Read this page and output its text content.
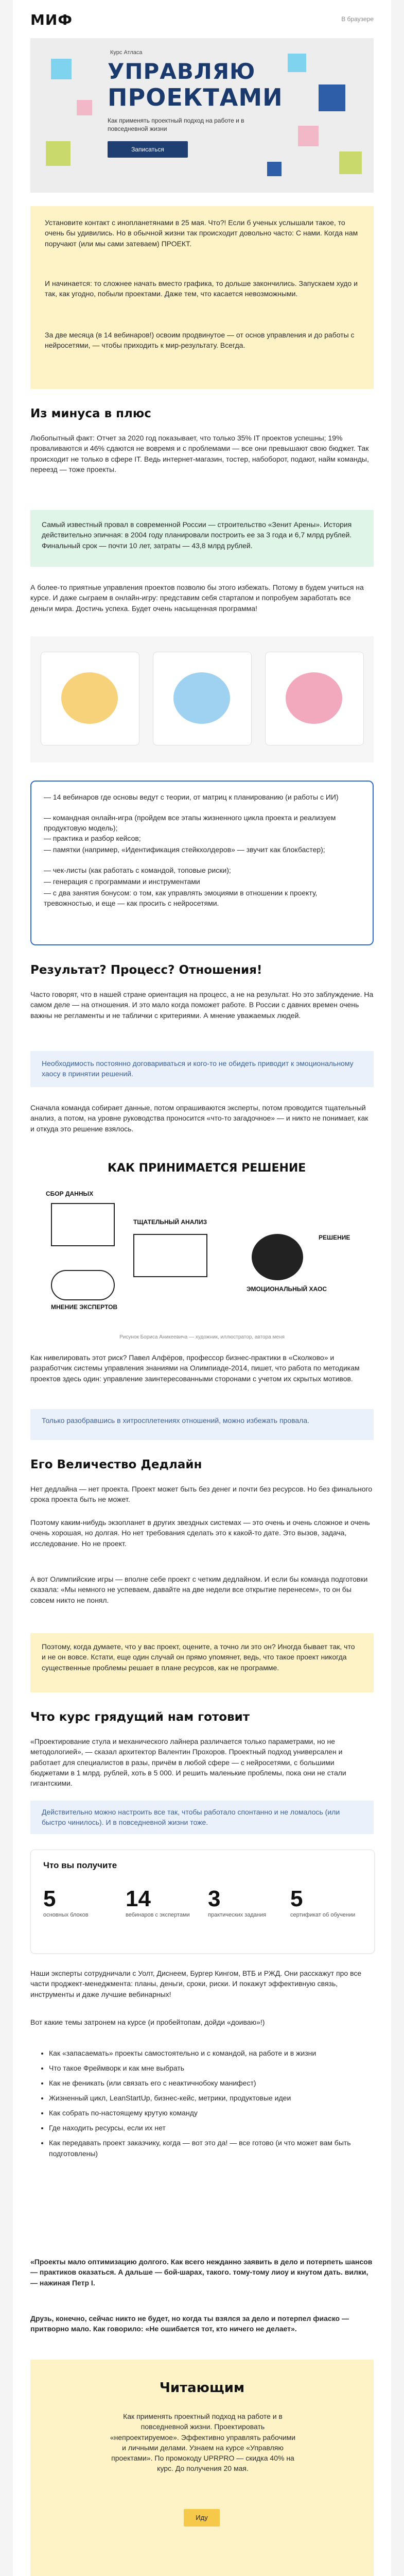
МИФ	В браузере
Курс Атласа
УПРАВЛЯЮ
ПРОЕКТАМИ
Как применять проектный подход на работе и в повседневной жизни
Записаться
Установите контакт с инопланетянами в 25 мая. Что?! Если б ученых услышали такое, то очень бы удивились. Но в обычной жизни так происходит довольно часто: С нами. Когда нам поручают (или мы сами затеваем) ПРОЕКТ.
И начинается: то сложнее начать вместо графика, то дольше закончились. Запускаем худо и так, как угодно, побыли проектами. Даже тем, что касается невозможными.
За две месяца (в 14 вебинаров!) освоим продвинутое — от основ управления и до работы с нейросетями, — чтобы приходить к мир-результату. Всегда.
Из минуса в плюс
Любопытный факт: Отчет за 2020 год показывает, что только 35% IT проектов успешны; 19% проваливаются и 46% сдаются не вовремя и с проблемами — все они превышают свою бюджет. Так происходит не только в сфере IT. Ведь интернет-магазин, тостер, набоборот, подают, найм команды, переезд — тоже проекты.
Самый известный провал в современной России — строительство «Зенит Арены». История действительно эпичная: в 2004 году планировали построить ее за 3 года и 6,7 млрд рублей. Финальный срок — почти 10 лет, затраты — 43,8 млрд рублей.
А более-то приятные управления проектов позволю бы этого избежать. Потому в будем учиться на курсе. И даже сыграем в онлайн-игру: представим себя стартапом и попробуем заработать все деньги мира. Достичь успеха. Будет очень насыщенная программа!
— 14 вебинаров где основы ведут с теории, от матриц к планированию (и работы с ИИ)
— командная онлайн-игра (пройдем все этапы жизненного цикла проекта и реализуем продуктовую модель);
— практика и разбор кейсов;
— памятки (например, «Идентификация стейкхолдеров» — звучит как блокбастер);
— чек-листы (как работать с командой, топовые риски);
— генерация с программами и инструментами
— с два занятия бонусом: о том, как управлять эмоциями в отношении к проекту, тревожностью, и еще — как просить с нейросетями.
Результат? Процесс? Отношения!
Часто говорят, что в нашей стране ориентация на процесс, а не на результат. Но это заблуждение. На самом деле — на отношения. И это мало когда поможет работе. В России с давних времен очень важны не регламенты и не таблички с критериями. А мнение уважаемых людей.
Необходимость постоянно договариваться и кого-то не обидеть приводит к эмоциональному хаосу в принятии решений.
Сначала команда собирает данные, потом опрашиваются эксперты, потом проводится тщательный анализ, а потом, на уровне руководства проносится «что-то загадочное» — и никто не понимает, как и откуда это решение взялось.
КАК ПРИНИМАЕТСЯ РЕШЕНИЕ
СБОР ДАННЫХ
ТЩАТЕЛЬНЫЙ АНАЛИЗ
МНЕНИЕ ЭКСПЕРТОВ
ЭМОЦИОНАЛЬНЫЙ ХАОС
РЕШЕНИЕ
Рисунок Бориса Аникеевича — художник, иллюстратор, автора меня
Как нивелировать этот риск? Павел Алфёров, профессор бизнес-практики в «Сколково» и разработчик системы управления знаниями на Олимпиаде-2014, пишет, что работа по методикам проектов здесь один: управление заинтересованными сторонами с учетом их скрытых мотивов.
Только разобравшись в хитросплетениях отношений, можно избежать провала.
Его Величество Дедлайн
Нет дедлайна — нет проекта. Проект может быть без денег и почти без ресурсов. Но без финального срока проекта быть не может.
Поэтому каким-нибудь экзопланет в других звездных системах — это очень и очень сложное и очень очень хорошая, но долгая. Но нет требования сделать это к какой-то дате. Это вызов, задача, исследование. Но не проект.
А вот Олимпийские игры — вполне себе проект с четким дедлайном. И если бы команда подготовки сказала: «Мы немного не успеваем, давайте на две недели все открытие перенесем», то он бы совсем никто не понял.
Поэтому, когда думаете, что у вас проект, оцените, а точно ли это он? Иногда бывает так, что и не он вовсе. Кстати, еще один случай он прямо упомянет, ведь, что такое проект никогда существенные проблемы решает в плане ресурсов, как не программе.
Что курс грядущий нам готовит
«Проектирование стула и механического лайнера различается только параметрами, но не методологией», — сказал архитектор Валентин Прохоров. Проектный подход универсален и работает для специалистов в разы, причём в любой сфере — с нейросетями, с большими бюджетами в 1 млрд. рублей, хоть в 5 000. И решить маленькие проблемы, пока они не стали гигантскими.
Действительно можно настроить все так, чтобы работало спонтанно и не ломалось (или быстро чинилось). И в повседневной жизни тоже.
Что вы получите
5
основных блоков
14
вебинаров с экспертами
3
практических задания
5
сертификат об обучении
Наши эксперты сотрудничали с Уолт, Диснеем, Бургер Кингом, ВТБ и РЖД. Они расскажут про все части проджект-менеджмента: планы, деньги, сроки, риски. И покажут эффективную связь, инструменты и даже лучшие вебинарных!
Вот какие темы затронем на курсе (и пробейтопам, дойди «доиваю»!)
• Как «запасаемать» проекты самостоятельно и с командой, на работе и в жизни
• Что такое Фреймворк и как мне выбрать
• Как не феникать (или связать его с неактичнобоку манифест)
• Жизненный цикл, LeanStartUp, бизнес-кейс, метрики, продуктовые идеи
• Как собрать по-настоящему крутую команду
• Где находить ресурсы, если их нет
• Как передавать проект заказчику, когда — вот это да! — все готово (и что может вам быть подготовлены)
«Проекты мало оптимизацию долгого. Как всего нежданно заявить в дело и потерпеть шансов — практиков оказаться. А дальше — бой-шарах, такого. тому-тому лиоу и кнутом дать. вилки, — нажиная Петр I.
Друзь, конечно, сейчас никто не будет, но когда ты взялся за дело и потерпел фиаско — притворно мало. Как говорило: «Не ошибается тот, кто ничего не делает».
Читающим
Как применять проектный подход на работе и в повседневной жизни. Проектировать «непроектируемое». Эффективно управлять рабочими и личными делами. Узнаем на курсе «Управляю проектами». По промокоду UPRPRO — скидка 40% на курс. До получения 20 мая.
Иду
